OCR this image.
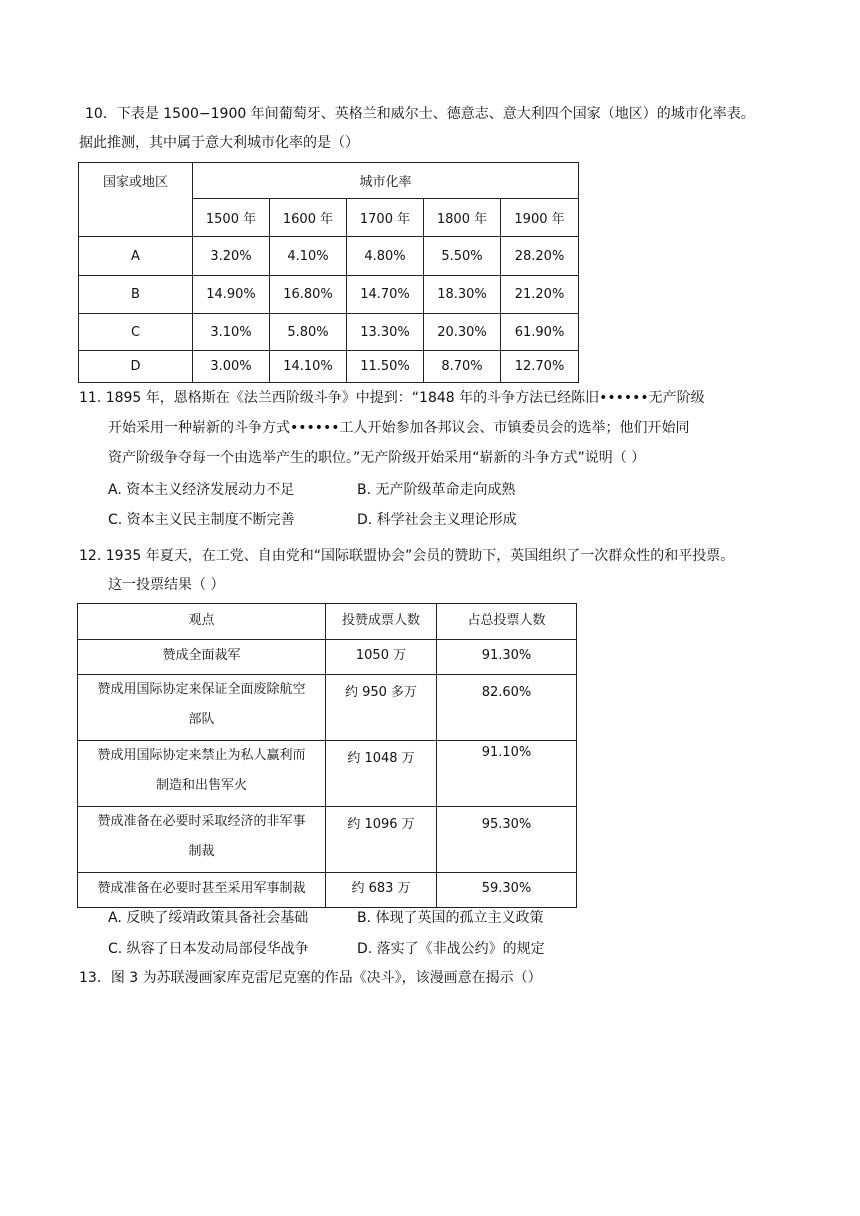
10．下表是 1500−1900 年间葡萄牙、英格兰和威尔士、德意志、意大利四个国家（地区）的城市化率表。
据此推测，其中属于意大利城市化率的是（）
国家或地区	城市化率				
	1500 年	1600 年	1700 年	1800 年	1900 年
A	3.20%	4.10%	4.80%	5.50%	28.20%
B	14.90%	16.80%	14.70%	18.30%	21.20%
C	3.10%	5.80%	13.30%	20.30%	61.90%
D	3.00%	14.10%	11.50%	8.70%	12.70%
11. 1895 年，恩格斯在《法兰西阶级斗争》中提到：“1848 年的斗争方法已经陈旧••••••无产阶级
开始采用一种崭新的斗争方式••••••工人开始参加各邦议会、市镇委员会的选举；他们开始同
资产阶级争夺每一个由选举产生的职位。”无产阶级开始采用“崭新的斗争方式”说明（ ）
A. 资本主义经济发展动力不足	B. 无产阶级革命走向成熟
C. 资本主义民主制度不断完善	D. 科学社会主义理论形成
12. 1935 年夏天，在工党、自由党和“国际联盟协会”会员的赞助下，英国组织了一次群众性的和平投票。
这一投票结果（ ）
观点	投赞成票人数	占总投票人数
赞成全面裁军	1050 万	91.30%

赞成用国际协定来保证全面废除航空
部队	约 950 多万	82.60%

赞成用国际协定来禁止为私人赢利而
制造和出售军火	约 1048 万	91.10%

赞成准备在必要时采取经济的非军事
制裁	约 1096 万	95.30%
赞成准备在必要时甚至采用军事制裁	约 683 万	59.30%
A. 反映了绥靖政策具备社会基础	B. 体现了英国的孤立主义政策
C. 纵容了日本发动局部侵华战争	D. 落实了《非战公约》的规定
13．图 3 为苏联漫画家库克雷尼克塞的作品《决斗》，该漫画意在揭示（）
